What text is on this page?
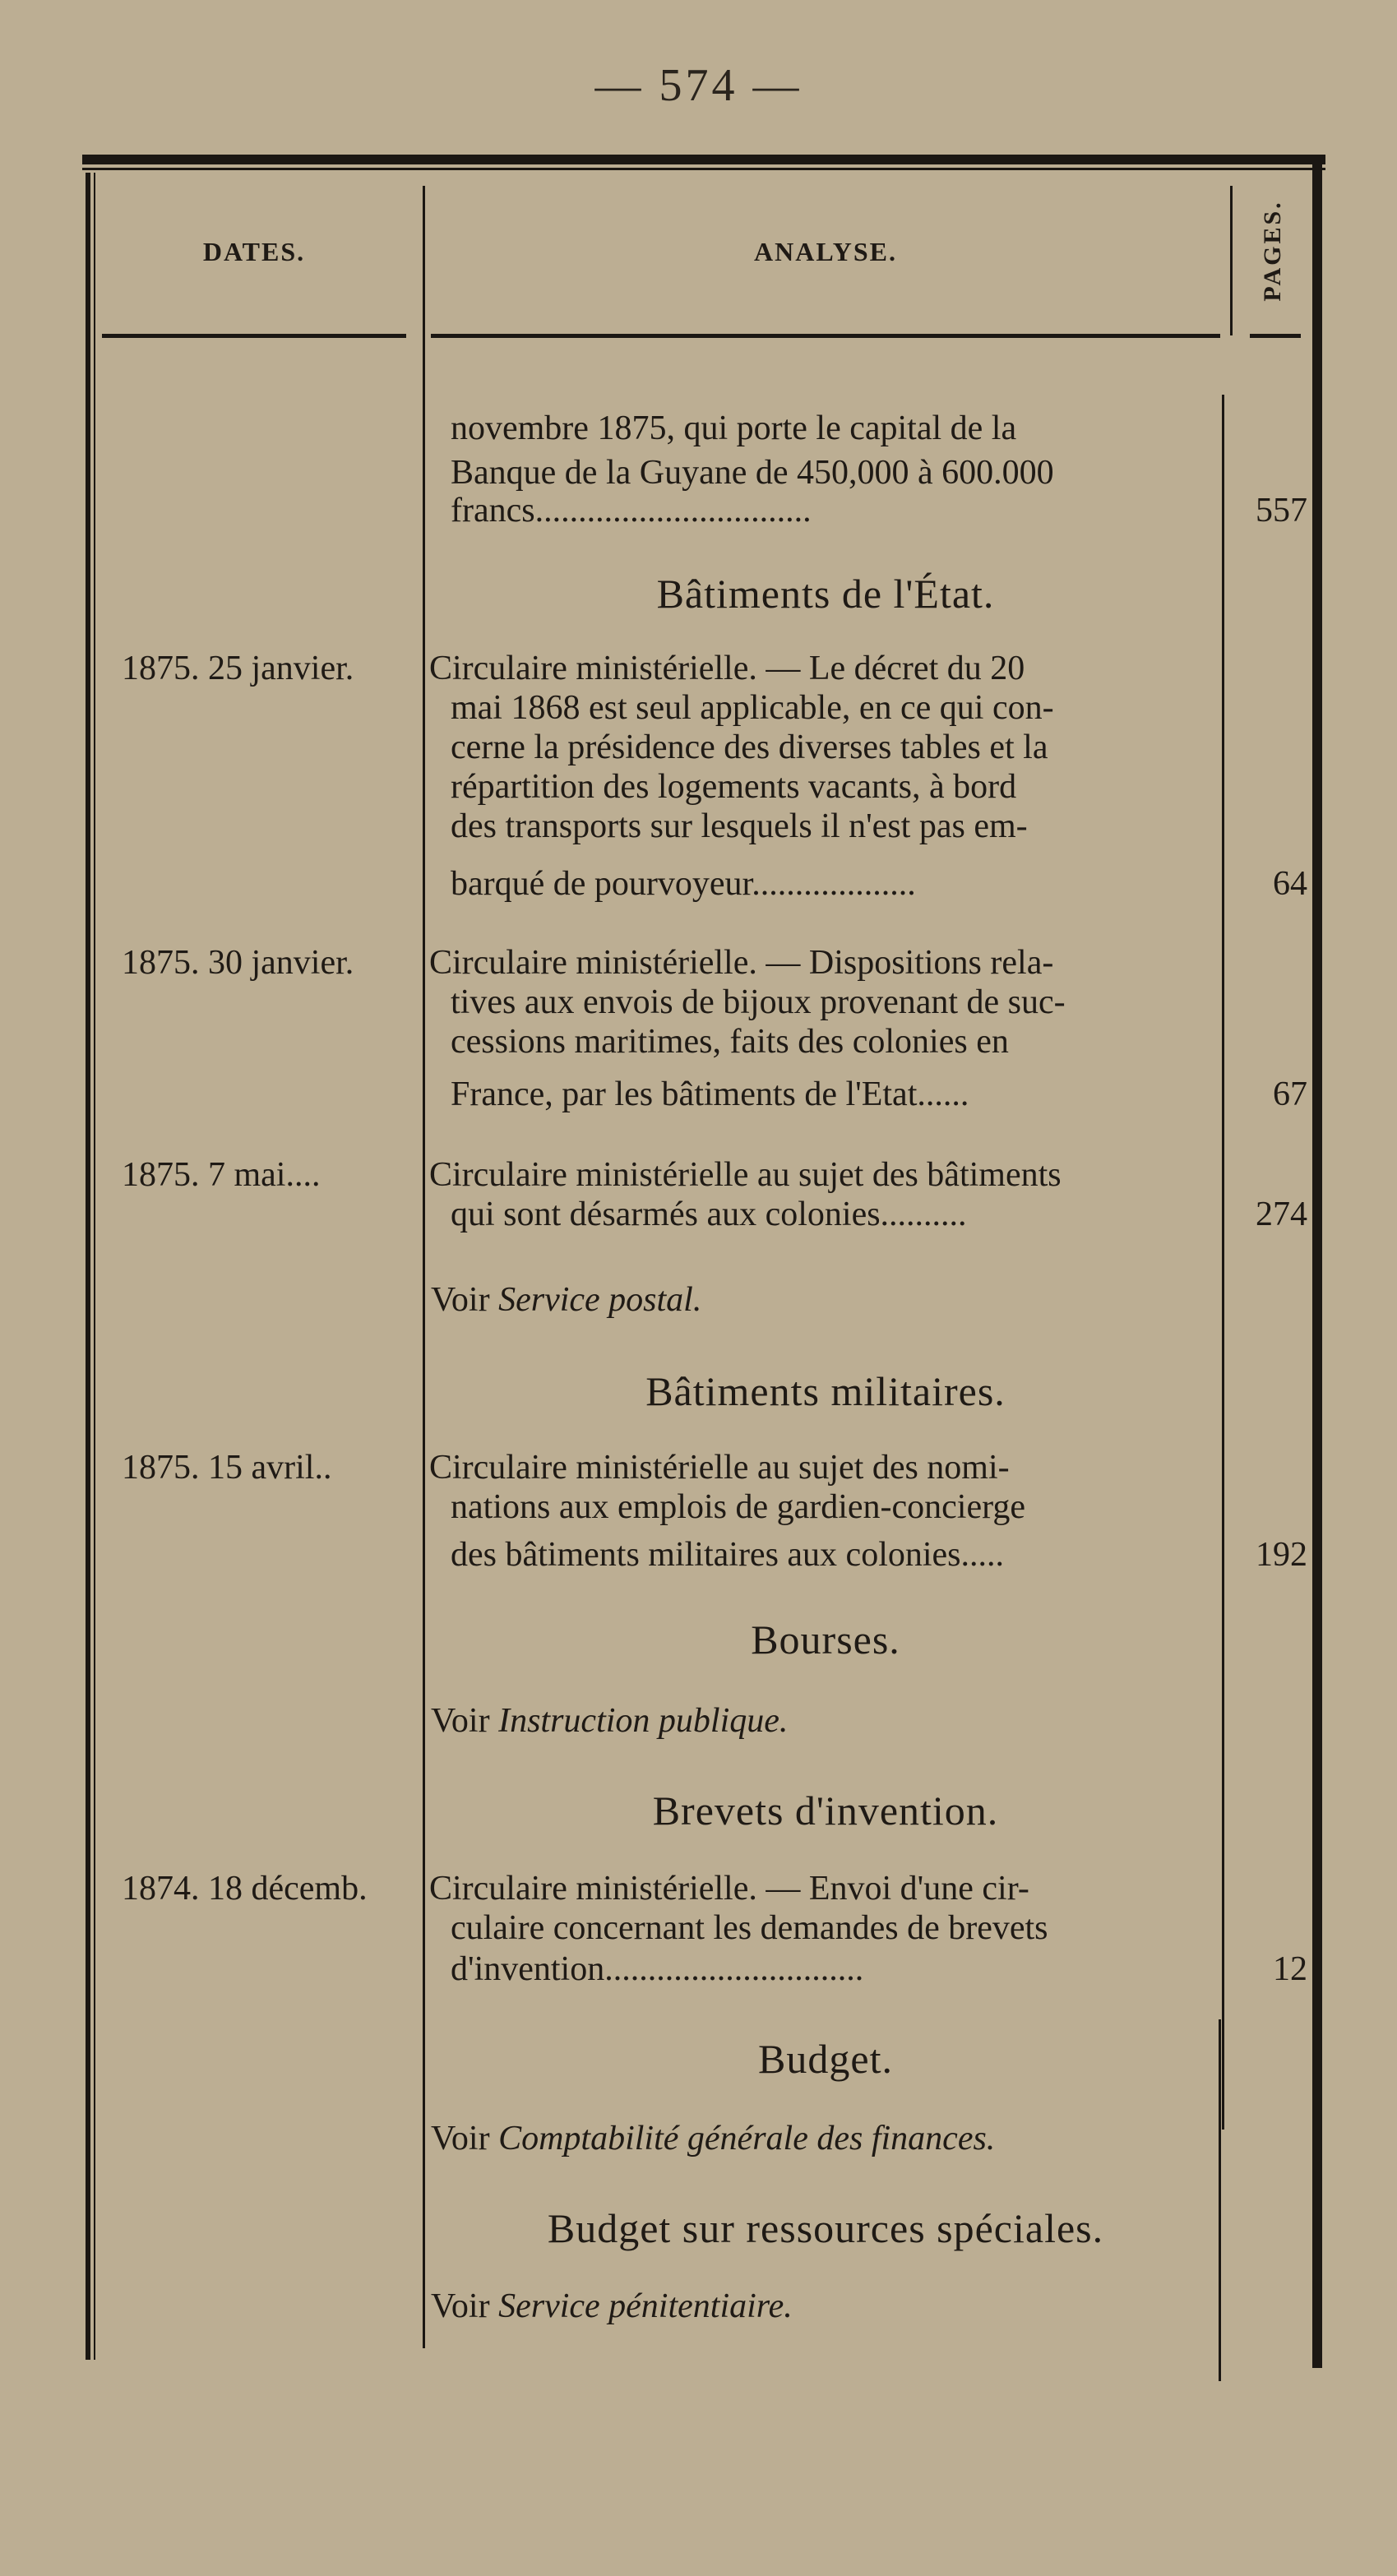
— 574 —
DATES.	ANALYSE.	PAGES.
novembre 1875, qui porte le capital de la
Banque de la Guyane de 450,000 à 600.000
francs................................	557
Bâtiments de l'État.
1875. 25 janvier. Circulaire ministérielle. — Le décret du 20
mai 1868 est seul applicable, en ce qui con-
cerne la présidence des diverses tables et la
répartition des logements vacants, à bord
des transports sur lesquels il n'est pas em-
barqué de pourvoyeur...................	64
1875. 30 janvier. Circulaire ministérielle. — Dispositions rela-
tives aux envois de bijoux provenant de suc-
cessions maritimes, faits des colonies en
France, par les bâtiments de l'Etat......	67
1875. 7 mai....	Circulaire ministérielle au sujet des bâtiments
qui sont désarmés aux colonies..........	274
Voir Service postal.
Bâtiments militaires.
1875. 15 avril..	Circulaire ministérielle au sujet des nomi-
nations aux emplois de gardien-concierge
des bâtiments militaires aux colonies.....	192
Bourses.
Voir Instruction publique.
Brevets d'invention.
1874. 18 décemb. Circulaire ministérielle. — Envoi d'une cir-
culaire concernant les demandes de brevets
d'invention..............................	12
Budget.
Voir Comptabilité générale des finances.
Budget sur ressources spéciales.
Voir Service pénitentiaire.
